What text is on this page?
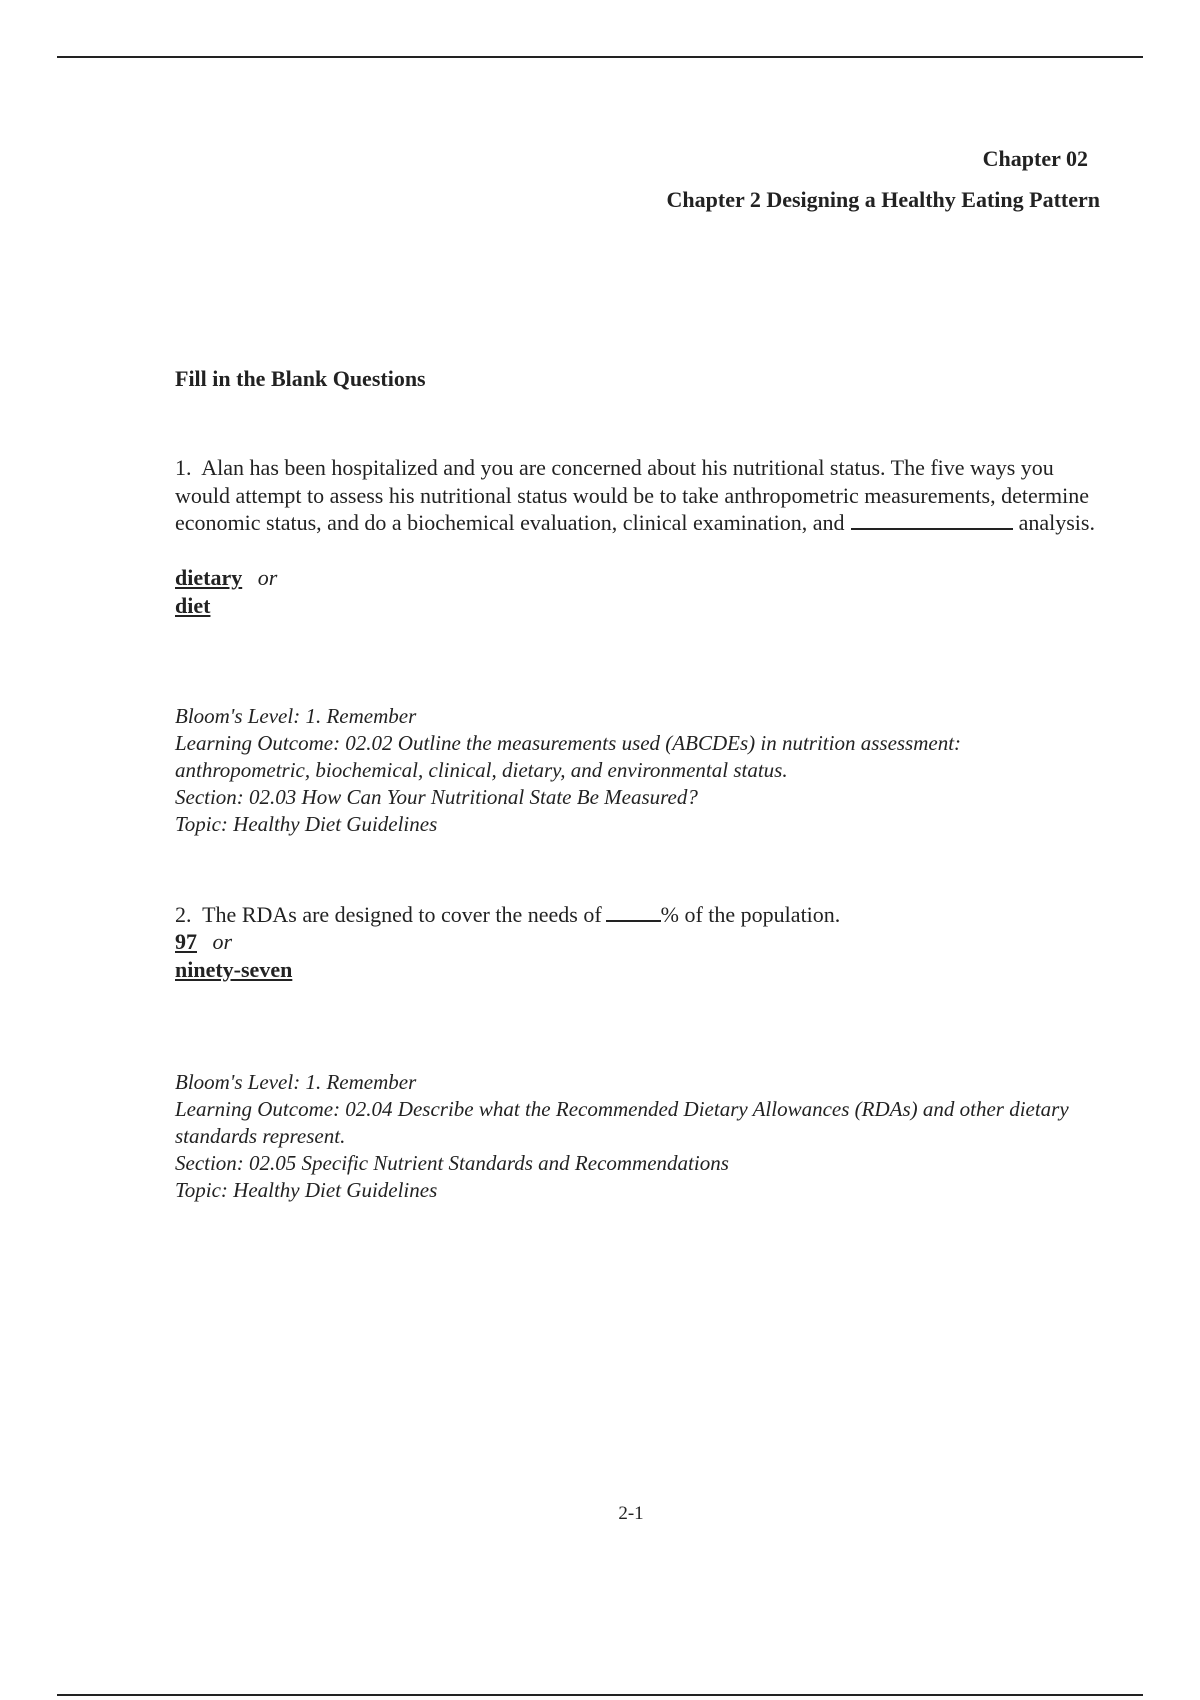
Chapter 02
Chapter 2 Designing a Healthy Eating Pattern
Fill in the Blank Questions
1. Alan has been hospitalized and you are concerned about his nutritional status. The five ways you would attempt to assess his nutritional status would be to take anthropometric measurements, determine economic status, and do a biochemical evaluation, clinical examination, and	analysis.
dietary or
diet
Bloom's Level: 1. Remember
Learning Outcome: 02.02 Outline the measurements used (ABCDEs) in nutrition assessment: anthropometric, biochemical, clinical, dietary, and environmental status.
Section: 02.03 How Can Your Nutritional State Be Measured?
Topic: Healthy Diet Guidelines
2. The RDAs are designed to cover the needs of	% of the population.
97 or
ninety-seven
Bloom's Level: 1. Remember
Learning Outcome: 02.04 Describe what the Recommended Dietary Allowances (RDAs) and other dietary standards represent.
Section: 02.05 Specific Nutrient Standards and Recommendations
Topic: Healthy Diet Guidelines
2-1
